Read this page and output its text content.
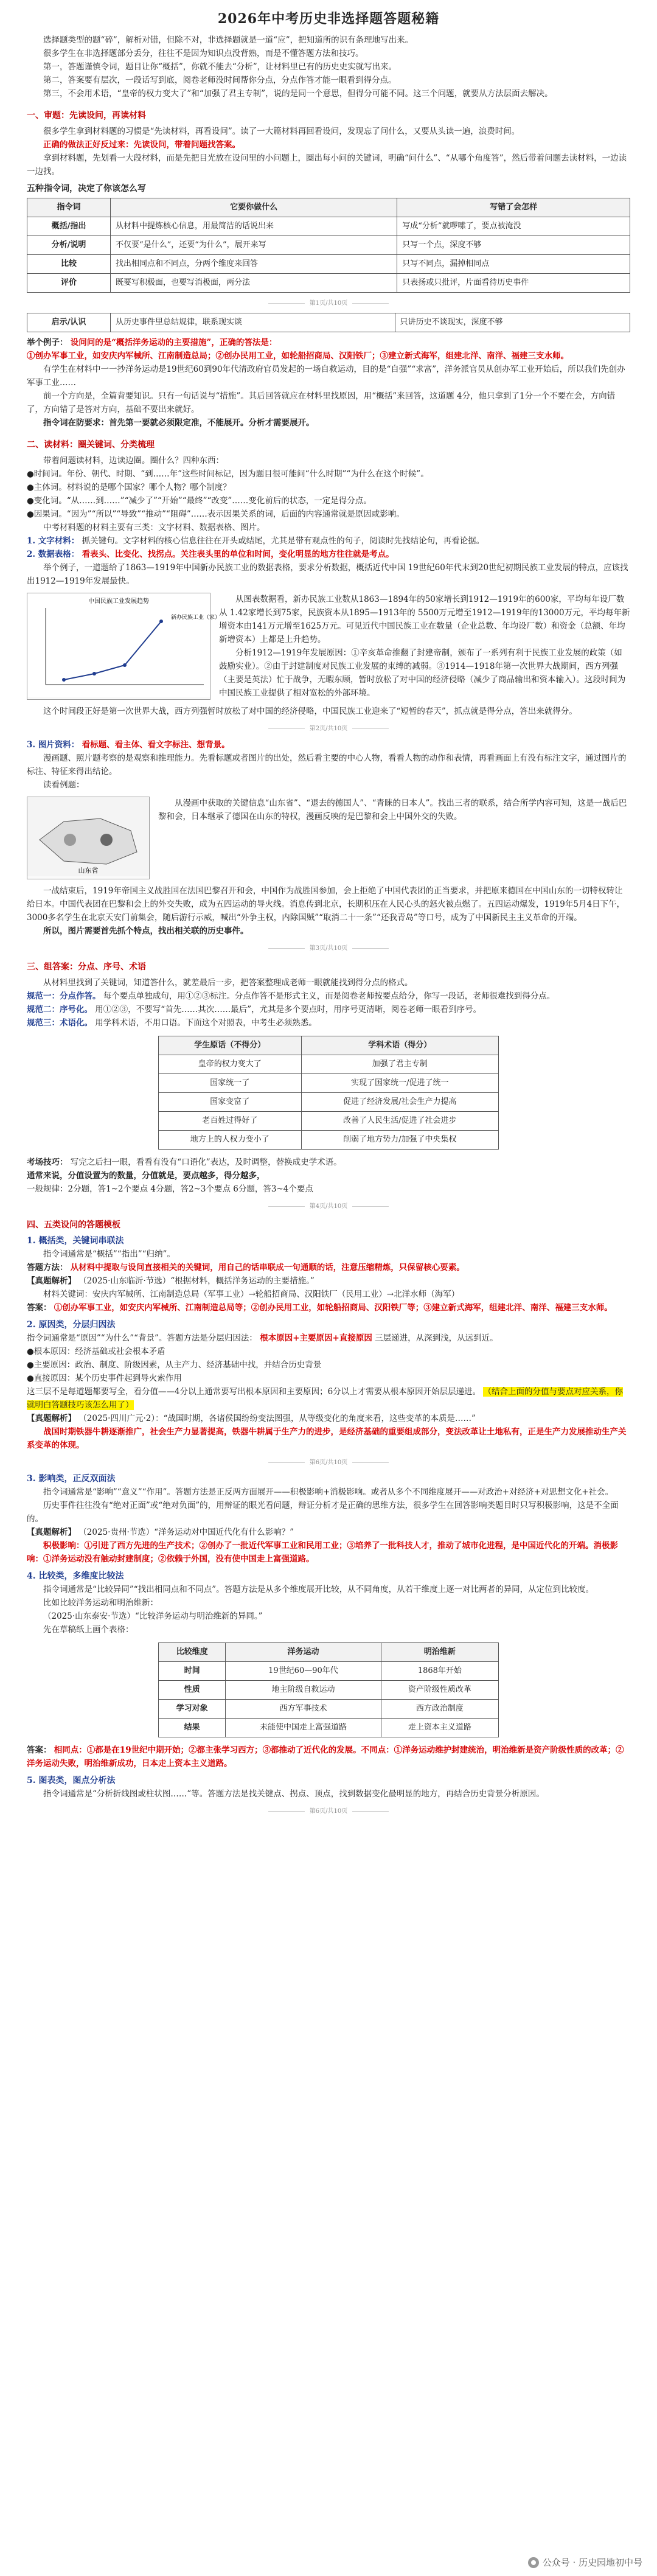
2026年中考历史非选择题答题秘籍

选择题类型的题“碎”，解析对错，但除不对，非选择题就是一道“应”，把知道所的识有条理地写出来。

很多学生在非选择题部分丢分，往往不是因为知识点没背熟，而是不懂答题方法和技巧。

第一，答题谨慎令词，题目让你“概括”，你就不能去“分析”，让材料里已有的历史史实就写出来。

第二，答案要有层次，一段话写到底，阅卷老师没时间帮你分点，分点作答才能一眼看到得分点。

第三，不会用术语，“皇帝的权力变大了”和“加强了君主专制”，说的是同一个意思，但得分可能不同。这三个问题，就要从方法层面去解决。

一、审题：先读设问，再读材料

很多学生拿到材料题的习惯是“先读材料，再看设问”。读了一大篇材料再回看设问，发现忘了问什么，又要从头读一遍，浪费时间。

正确的做法正好反过来：先读设问，带着问题找答案。

拿到材料题，先划看一大段材料，而是先把目光放在设问里的小问题上，圈出每小问的关键词，明确“问什么”、“从哪个角度答”，然后带着问题去读材料，一边读一边找。

五种指令词，决定了你该怎么写
指令词	它要你做什么	写错了会怎样
概括/指出	从材料中提炼核心信息，用最简洁的话说出来	写成“分析”就啰嗦了，要点被淹没
分析/说明	不仅要“是什么”，还要“为什么”，展开来写	只写一个点，深度不够
比较	找出相同点和不同点，分两个维度来回答	只写不同点，漏掉相同点
评价	既要写积极面，也要写消极面，两分法	只表扬或只批评，片面看待历史事件
第1页/共10页
启示/认识	从历史事件里总结规律，联系现实谈	只讲历史不谈现实，深度不够

举个例子： 设问问的是“概括洋务运动的主要措施”，正确的答法是：

①创办军事工业，如安庆内军械所、江南制造总局；②创办民用工业，如轮船招商局、汉阳铁厂；③建立新式海军，组建北洋、南洋、福建三支水师。

有学生在材料中一一抄洋务运动是19世纪60到90年代清政府官员发起的一场自救运动，目的是“自强”“求富”，洋务派官员从创办军工业开始后，所以我们先创办军事工业……

前一个方向是，全篇背要知识。只有一句话说与“措施”。其后回答就应在材料里找原因，用“概括”来回答，这道题 4分，他只拿到了1分一个不要在会，方向错了，方向错了是答对方向，基础不要出来就好。

指令词在防要求：首先第一要就必须限定准，不能展开。分析才需要展开。

二、读材料：圈关键词、分类梳理

带着问题读材料，边读边圈。圈什么？四种东西：

●时间词。年份、朝代、时期、“到……年”这些时间标记，因为题目很可能问“什么时期”“为什么在这个时候”。

●主体词。材料说的是哪个国家？哪个人物？哪个制度？

●变化词。“从……到……”“减少了”“开始”“最终”“改变”……变化前后的状态，一定是得分点。

●因果词。“因为”“所以”“导致”“推动”“阻碍”……表示因果关系的词，后面的内容通常就是原因或影响。

中考材料题的材料主要有三类：文字材料、数据表格、图片。

1. 文字材料： 抓关键句。文字材料的核心信息往往在开头或结尾，尤其是带有观点性的句子，阅读时先找结论句，再看论据。

2. 数据表格： 看表头、比变化、找拐点。关注表头里的单位和时间，变化明显的地方往往就是考点。

举个例子，一道题给了1863—1919年中国新办民族工业的数据表格，要求分析数据，概括近代中国 19世纪60年代末到20世纪初期民族工业发展的特点，应该找出1912—1919年发展最快。

中国民族工业发展趋势
新办民族工业（家）

从图表数据看，新办民族工业数从1863—1894年的50家增长到1912—1919年的600家，平均每年设厂数从 1.42家增长到75家，民族资本从1895—1913年的 5500万元增至1912—1919年的13000万元，平均每年新增资本由141万元增至1625万元。可见近代中国民族工业在数量（企业总数、年均设厂数）和资金（总额、年均新增资本）上都是上升趋势。

分析1912—1919年发展原因：①辛亥革命推翻了封建帝制，颁布了一系列有利于民族工业发展的政策（如鼓励实业）。②由于封建制度对民族工业发展的束缚的减弱。③1914—1918年第一次世界大战期间，西方列强（主要是英法）忙于战争，无暇东顾，暂时放松了对中国的经济侵略（减少了商品输出和资本输入）。这段时间为中国民族工业提供了相对宽松的外部环境。

这个时间段正好是第一次世界大战，西方列强暂时放松了对中国的经济侵略，中国民族工业迎来了“短暂的春天”，抓点就是得分点，答出来就得分。

第2页/共10页

3. 图片资料： 看标题、看主体、看文字标注、想背景。

漫画题、照片题考察的是观察和推理能力。先看标题或者图片的出处，然后看主要的中心人物，看看人物的动作和表情，再看画面上有没有标注文字，通过图片的标注、特征来得出结论。

读看例题：

山东省

从漫画中获取的关键信息“山东省”、“退去的德国人”、“青睐的日本人”。找出三者的联系，结合所学内容可知，这是一战后巴黎和会，日本继承了德国在山东的特权，漫画反映的是巴黎和会上中国外交的失败。

一战结束后，1919年帝国主义战胜国在法国巴黎召开和会，中国作为战胜国参加，会上拒绝了中国代表团的正当要求，并把原来德国在中国山东的一切特权转让给日本。中国代表团在巴黎和会上的外交失败，成为五四运动的导火线。消息传到北京，长期积压在人民心头的怒火被点燃了。五四运动爆发，1919年5月4日下午，3000多名学生在北京天安门前集会，随后游行示威，喊出“外争主权，内除国贼”“取消二十一条”“还我青岛”等口号，成为了中国新民主主义革命的开端。

所以，图片需要首先抓个特点，找出相关联的历史事件。

第3页/共10页
三、组答案：分点、序号、术语

从材料里找到了关键词，知道答什么，就差最后一步，把答案整理成老师一眼就能找到得分点的格式。

规范一：分点作答。 每个要点单独成句，用①②③标注。分点作答不是形式主义，而是阅卷老师按要点给分，你写一段话，老师很难找到得分点。

规范二：序号化。 用①②③，不要写“首先……其次……最后”，尤其是多个要点时，用序号更清晰，阅卷老师一眼看到序号。

规范三：术语化。 用学科术语，不用口语。下面这个对照表，中考生必须熟悉。

学生原话（不得分）	学科术语（得分）
皇帝的权力变大了	加强了君主专制
国家统一了	实现了国家统一/促进了统一
国家变富了	促进了经济发展/社会生产力提高
老百姓过得好了	改善了人民生活/促进了社会进步
地方上的人权力变小了	削弱了地方势力/加强了中央集权

考场技巧： 写完之后扫一眼，看看有没有“口语化”表达，及时调整，替换成史学术语。

通常来说，分值设置为的数量，分值就是，要点越多，得分越多，

一般规律：2分题，答1~2个要点 4分题，答2~3个要点 6分题，答3~4个要点

第4页/共10页
四、五类设问的答题模板
1. 概括类，关键词串联法

指令词通常是“概括”“指出”“归纳”。

答题方法： 从材料中提取与设问直接相关的关键词，用自己的话串联成一句通顺的话，注意压缩精炼，只保留核心要素。

【真题解析】 （2025·山东临沂·节选）“根据材料，概括洋务运动的主要措施。”

材料关键词：安庆内军械所、江南制造总局（军事工业）→轮船招商局、汉阳铁厂（民用工业）→北洋水师（海军）

答案： ①创办军事工业，如安庆内军械所、江南制造总局等；②创办民用工业，如轮船招商局、汉阳铁厂等；③建立新式海军，组建北洋、南洋、福建三支水师。

2. 原因类，分层归因法

指令词通常是“原因”“为什么”“背景”。答题方法是分层归因法： 根本原因+主要原因+直接原因 三层递进，从深到浅，从远到近。

●根本原因：经济基础或社会根本矛盾

●主要原因：政治、制度、阶级因素，从主产力、经济基础中找，并结合历史背景

●直接原因：某个历史事件起到导火索作用

这三层不是每道题都要写全，看分值——4分以上通常要写出根本原因和主要原因；6分以上才需要从根本原因开始层层递进。 （结合上面的分值与要点对应关系，你就明白答题技巧该怎么用了）

【真题解析】 （2025·四川广元·2）：“战国时期，各诸侯国纷纷变法图强，从等级变化的角度来看，这些变革的本质是……”

战国时期铁器牛耕逐渐推广，社会生产力显著提高，铁器牛耕属于生产力的进步，是经济基础的重要组成部分，变法改革让土地私有，正是生产力发展推动生产关系变革的体现。

第6页/共10页
3. 影响类，正反双面法

指令词通常是“影响”“意义”“作用”。答题方法是正反两方面展开——积极影响+消极影响。或者从多个不同维度展开——对政治+对经济+对思想文化+社会。

历史事件往往没有“绝对正面”或“绝对负面”的，用辩证的眼光看问题，辩证分析才是正确的思维方法，很多学生在回答影响类题目时只写积极影响，这是不全面的。

【真题解析】 （2025·贵州·节选）“洋务运动对中国近代化有什么影响？”

积极影响：①引进了西方先进的生产技术；②创办了一批近代军事工业和民用工业；③培养了一批科技人才，推动了城市化进程，是中国近代化的开端。消极影响：①洋务运动没有触动封建制度；②依赖于外国，没有使中国走上富强道路。

4. 比较类，多维度比较法

指令词通常是“比较异同”“找出相同点和不同点”。答题方法是从多个维度展开比较，从不同角度，从若干维度上逐一对比两者的异同，从定位到比较度。

比如比较洋务运动和明治维新：

（2025·山东泰安·节选）“比较洋务运动与明治维新的异同。”

先在草稿纸上画个表格：

比较维度	洋务运动	明治维新
时间	19世纪60—90年代	1868年开始
性质	地主阶级自救运动	资产阶级性质改革
学习对象	西方军事技术	西方政治制度
结果	未能使中国走上富强道路	走上资本主义道路

答案： 相同点：①都是在19世纪中期开始；②都主张学习西方；③都推动了近代化的发展。不同点：①洋务运动维护封建统治，明治维新是资产阶级性质的改革；②洋务运动失败，明治维新成功，日本走上资本主义道路。

5. 图表类，图点分析法

指令词通常是“分析折线图或柱状图……”等。答题方法是找关键点、拐点、顶点，找到数据变化最明显的地方，再结合历史背景分析原因。

第6页/共10页
公众号 · 历史园地初中号
